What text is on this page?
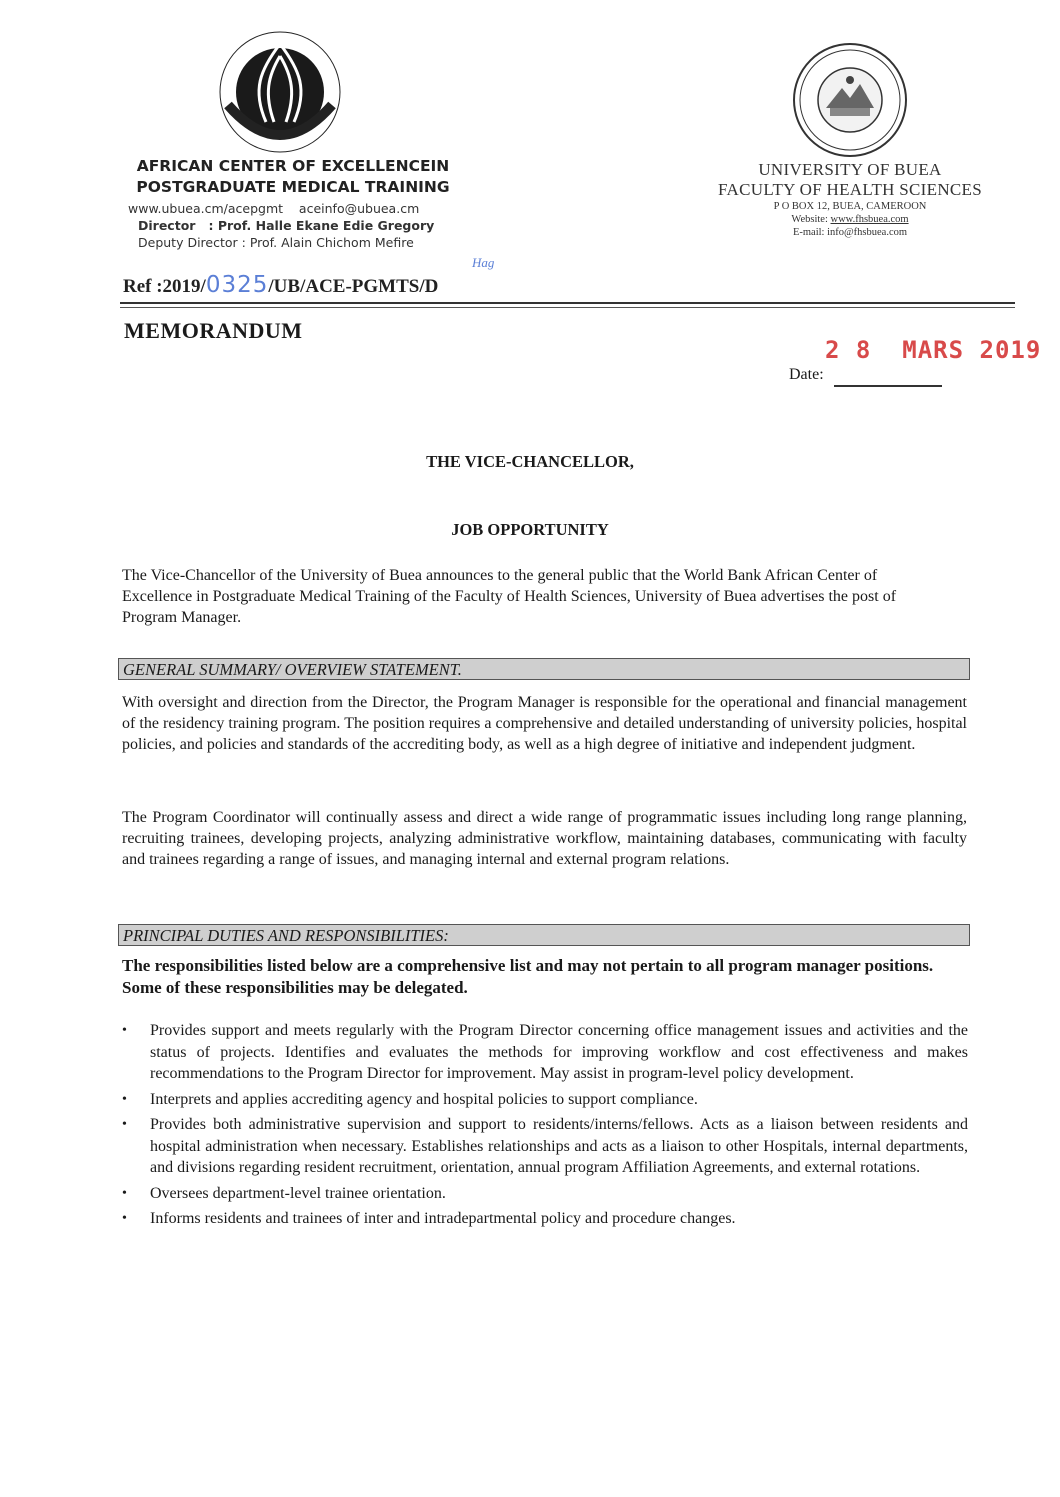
AFRICAN CENTER OF EXCELLENCEIN
POSTGRADUATE MEDICAL TRAINING
www.ubuea.cm/acepgmt    aceinfo@ubuea.cm
Director   : Prof. Halle Ekane Edie Gregory
Deputy Director : Prof. Alain Chichom Mefire
UNIVERSITY OF BUEA
FACULTY OF HEALTH SCIENCES
P O BOX 12, BUEA, CAMEROON
Website: www.fhsbuea.com
E-mail: info@fhsbuea.com
Ref :2019/0325/UB/ACE-PGMTS/D
Hag
MEMORANDUM
2 8  MARS 2019
Date:
THE VICE-CHANCELLOR,
JOB OPPORTUNITY
The Vice-Chancellor of the University of Buea announces to the general public that the World Bank African Center of Excellence in Postgraduate Medical Training of the Faculty of Health Sciences, University of Buea advertises the post of Program Manager.
GENERAL SUMMARY/ OVERVIEW STATEMENT.
With oversight and direction from the Director, the Program Manager is responsible for the operational and financial management of the residency training program. The position requires a comprehensive and detailed understanding of university policies, hospital policies, and policies and standards of the accrediting body, as well as a high degree of initiative and independent judgment.
The Program Coordinator will continually assess and direct a wide range of programmatic issues including long range planning, recruiting trainees, developing projects, analyzing administrative workflow, maintaining databases, communicating with faculty and trainees regarding a range of issues, and managing internal and external program relations.
PRINCIPAL DUTIES AND RESPONSIBILITIES:
The responsibilities listed below are a comprehensive list and may not pertain to all program manager positions. Some of these responsibilities may be delegated.
• Provides support and meets regularly with the Program Director concerning office management issues and activities and the status of projects. Identifies and evaluates the methods for improving workflow and cost effectiveness and makes recommendations to the Program Director for improvement. May assist in program-level policy development.
• Interprets and applies accrediting agency and hospital policies to support compliance.
• Provides both administrative supervision and support to residents/interns/fellows. Acts as a liaison between residents and hospital administration when necessary. Establishes relationships and acts as a liaison to other Hospitals, internal departments, and divisions regarding resident recruitment, orientation, annual program Affiliation Agreements, and external rotations.
• Oversees department-level trainee orientation.
• Informs residents and trainees of inter and intradepartmental policy and procedure changes.
